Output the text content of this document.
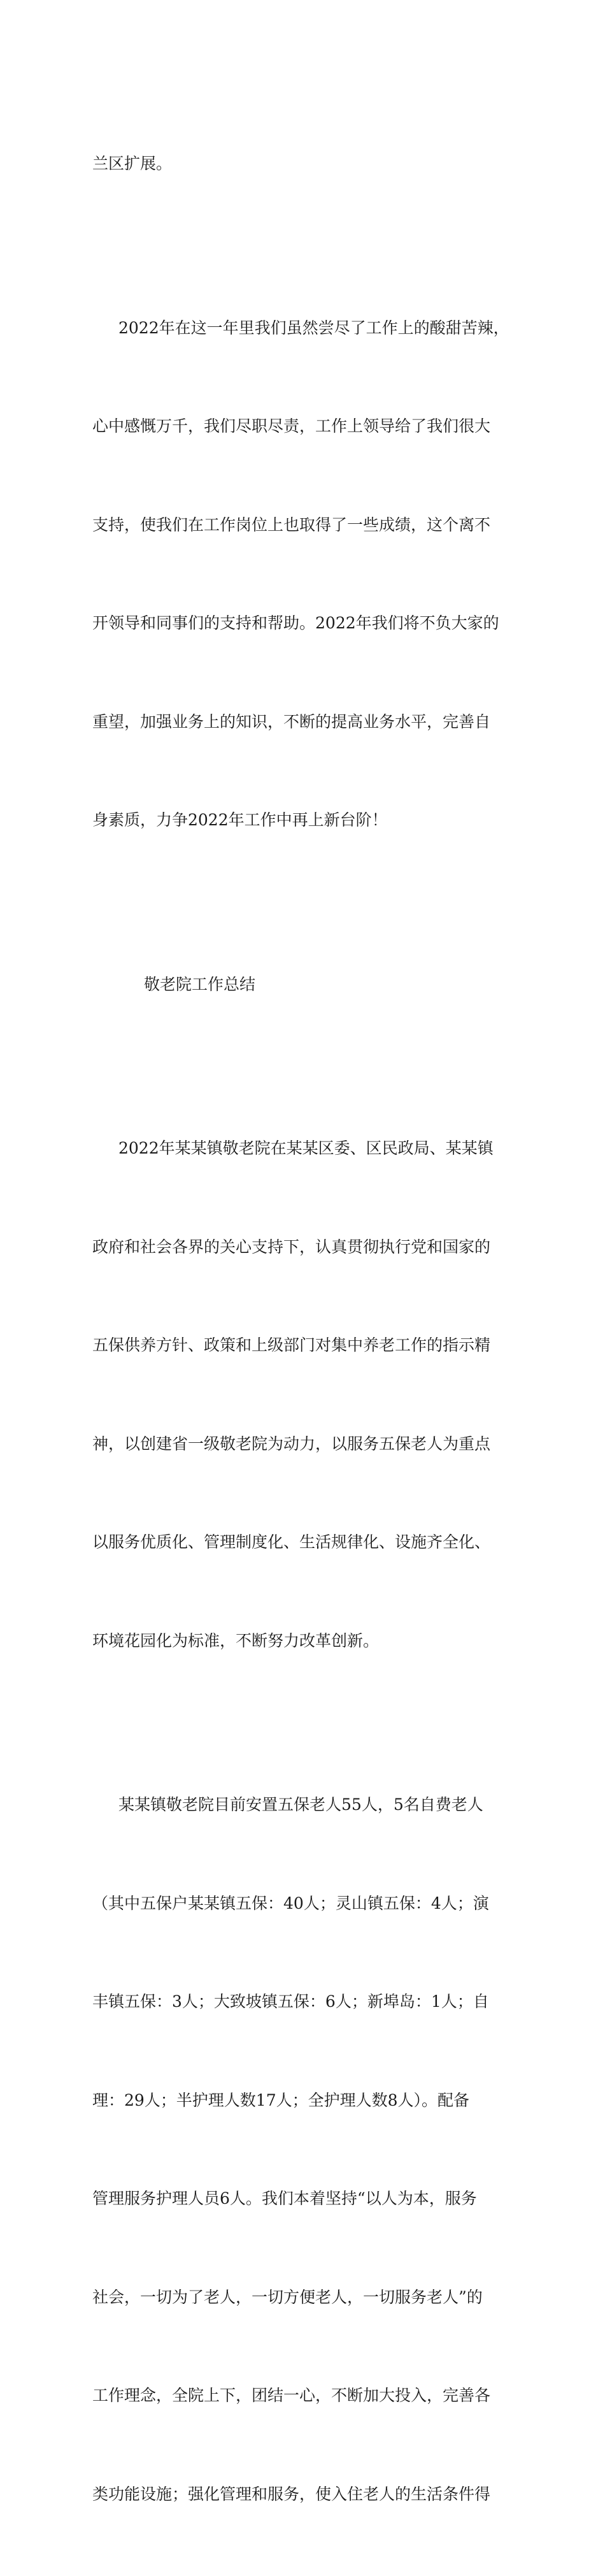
兰区扩展。

2022年在这一年里我们虽然尝尽了工作上的酸甜苦辣，

心中感慨万千，我们尽职尽责，工作上领导给了我们很大

支持，使我们在工作岗位上也取得了一些成绩，这个离不

开领导和同事们的支持和帮助。2022年我们将不负大家的

重望，加强业务上的知识，不断的提高业务水平，完善自

身素质，力争2022年工作中再上新台阶！

敬老院工作总结

2022年某某镇敬老院在某某区委、区民政局、某某镇

政府和社会各界的关心支持下，认真贯彻执行党和国家的

五保供养方针、政策和上级部门对集中养老工作的指示精

神，以创建省一级敬老院为动力，以服务五保老人为重点

以服务优质化、管理制度化、生活规律化、设施齐全化、

环境花园化为标准，不断努力改革创新。

某某镇敬老院目前安置五保老人55人，5名自费老人

（其中五保户某某镇五保：40人；灵山镇五保：4人；演

丰镇五保：3人；大致坡镇五保：6人；新埠岛：1人；自

理：29人；半护理人数17人；全护理人数8人）。配备

管理服务护理人员6人。我们本着坚持“以人为本，服务

社会，一切为了老人，一切方便老人，一切服务老人”的

工作理念，全院上下，团结一心，不断加大投入，完善各

类功能设施；强化管理和服务，使入住老人的生活条件得
